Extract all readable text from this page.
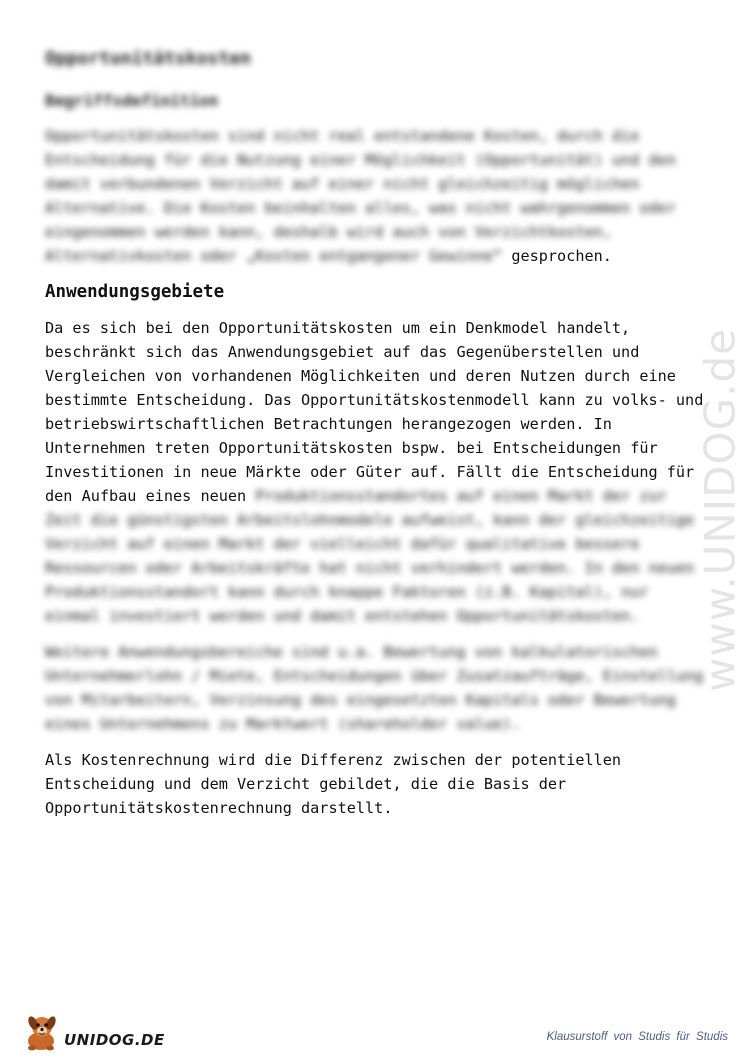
www.UNIDOG.de
Opportunitätskosten
Begriffsdefinition

Opportunitätskosten sind nicht real entstandene Kosten, durch die Entscheidung für die Nutzung einer Möglichkeit (Opportunität) und den damit verbundenen Verzicht auf einer nicht gleichzeitig möglichen Alternative. Die Kosten beinhalten alles, was nicht wahrgenommen oder eingenommen werden kann, deshalb wird auch von Verzichtkosten, Alternativkosten oder „Kosten entgangener Gewinne“ gesprochen.

Anwendungsgebiete

Da es sich bei den Opportunitätskosten um ein Denkmodel handelt, beschränkt sich das Anwendungsgebiet auf das Gegenüberstellen und Vergleichen von vorhandenen Möglichkeiten und deren Nutzen durch eine bestimmte Entscheidung. Das Opportunitätskostenmodell kann zu volks- und betriebswirtschaftlichen Betrachtungen herangezogen werden. In Unternehmen treten Opportunitätskosten bspw. bei Entscheidungen für Investitionen in neue Märkte oder Güter auf. Fällt die Entscheidung für den Aufbau eines neuen Produktionsstandortes auf einen Markt der zur Zeit die günstigsten Arbeitslohnmodele aufweist, kann der gleichzeitige Verzicht auf einen Markt der vielleicht dafür qualitative bessere Ressourcen oder Arbeitskräfte hat nicht verhindert werden. In den neuen Produktionsstandort kann durch knappe Faktoren (z.B. Kapital), nur einmal investiert werden und damit entstehen Opportunitätskosten.

Weitere Anwendungsbereiche sind u.a. Bewertung von kalkulatorischen Unternehmerlohn / Miete, Entscheidungen über Zusatzaufträge, Einstellung von Mitarbeitern, Verzinsung des eingesetzten Kapitals oder Bewertung eines Unternehmens zu Marktwert (shareholder value).

Als Kostenrechnung wird die Differenz zwischen der potentiellen Entscheidung und dem Verzicht gebildet, die die Basis der Opportunitätskostenrechnung darstellt.

UNIDOG.DE	Klausurstoff von Studis für Studis
